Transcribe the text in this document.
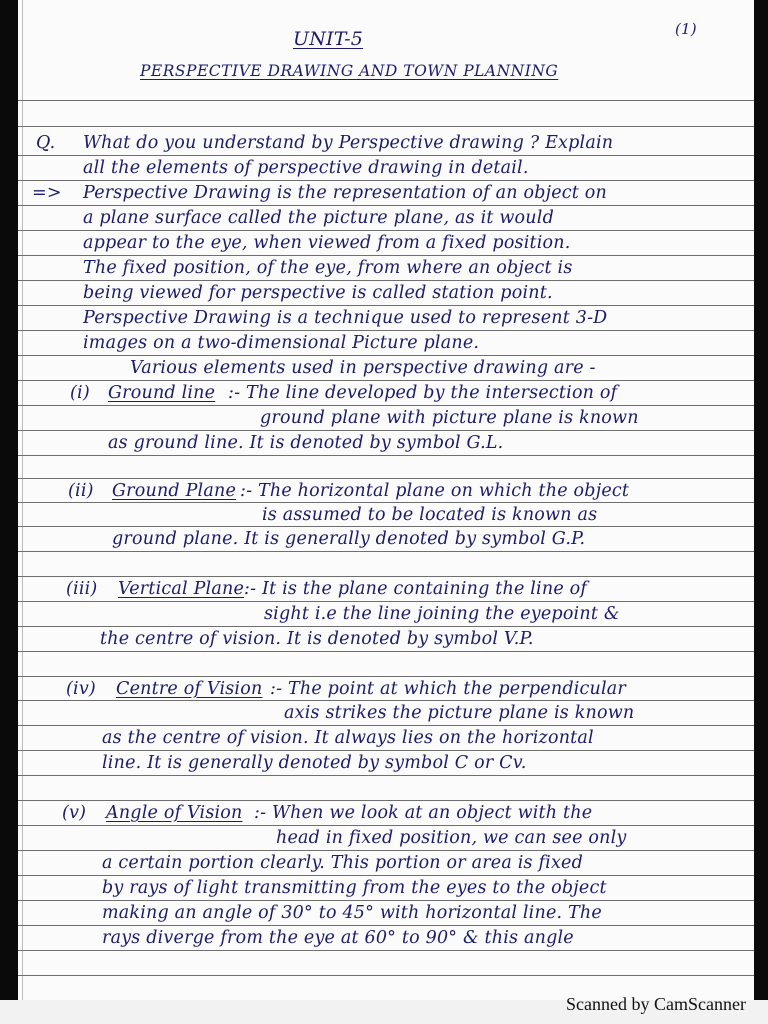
(1)
UNIT-5
PERSPECTIVE DRAWING AND TOWN PLANNING
Q. What do you understand by Perspective drawing ? Explain
all the elements of perspective drawing in detail.
=> Perspective Drawing is the representation of an object on
a plane surface called the picture plane, as it would
appear to the eye, when viewed from a fixed position.
The fixed position, of the eye, from where an object is
being viewed for perspective is called station point.
Perspective Drawing is a technique used to represent 3-D
images on a two-dimensional Picture plane.
Various elements used in perspective drawing are -
(i) Ground line :- The line developed by the intersection of
ground plane with picture plane is known
as ground line. It is denoted by symbol G.L.
(ii) Ground Plane :- The horizontal plane on which the object
is assumed to be located is known as
ground plane. It is generally denoted by symbol G.P.
(iii) Vertical Plane :- It is the plane containing the line of
sight i.e the line joining the eyepoint &
the centre of vision. It is denoted by symbol V.P.
(iv) Centre of Vision :- The point at which the perpendicular
axis strikes the picture plane is known
as the centre of vision. It always lies on the horizontal
line. It is generally denoted by symbol C or Cv.
(v) Angle of Vision :- When we look at an object with the
head in fixed position, we can see only
a certain portion clearly. This portion or area is fixed
by rays of light transmitting from the eyes to the object
making an angle of 30° to 45° with horizontal line. The
rays diverge from the eye at 60° to 90° & this angle
Scanned by CamScanner
